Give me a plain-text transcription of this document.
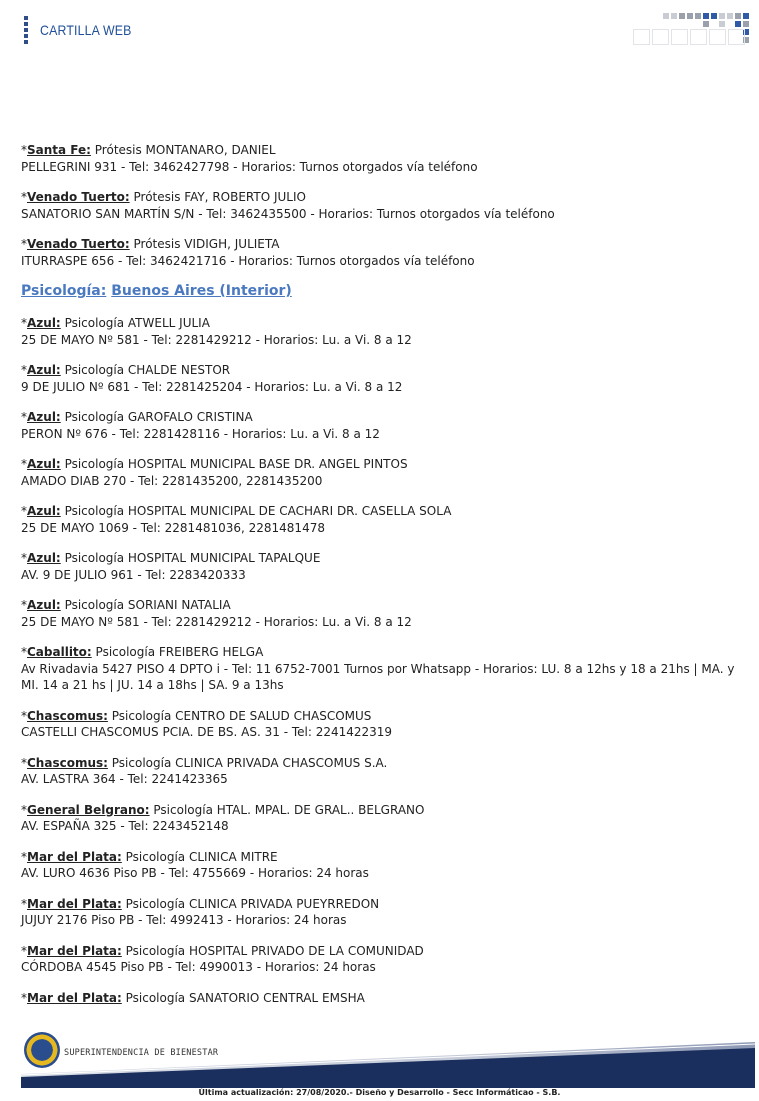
CARTILLA WEB
*Santa Fe: Prótesis MONTANARO, DANIEL
PELLEGRINI 931 - Tel: 3462427798 - Horarios: Turnos otorgados vía teléfono
*Venado Tuerto: Prótesis FAY, ROBERTO JULIO
SANATORIO SAN MARTÍN S/N - Tel: 3462435500 - Horarios: Turnos otorgados vía teléfono
*Venado Tuerto: Prótesis VIDIGH, JULIETA
ITURRASPE 656 - Tel: 3462421716 - Horarios: Turnos otorgados vía teléfono
Psicología: Buenos Aires (Interior)
*Azul: Psicología ATWELL JULIA
25 DE MAYO Nº 581 - Tel: 2281429212 - Horarios: Lu. a Vi. 8 a 12
*Azul: Psicología CHALDE NESTOR
9 DE JULIO Nº 681 - Tel: 2281425204 - Horarios: Lu. a Vi. 8 a 12
*Azul: Psicología GAROFALO CRISTINA
PERON Nº 676 - Tel: 2281428116 - Horarios: Lu. a Vi. 8 a 12
*Azul: Psicología HOSPITAL MUNICIPAL BASE DR. ANGEL PINTOS
AMADO DIAB 270 - Tel: 2281435200, 2281435200
*Azul: Psicología HOSPITAL MUNICIPAL DE CACHARI DR. CASELLA SOLA
25 DE MAYO 1069 - Tel: 2281481036, 2281481478
*Azul: Psicología HOSPITAL MUNICIPAL TAPALQUE
AV. 9 DE JULIO 961 - Tel: 2283420333
*Azul: Psicología SORIANI NATALIA
25 DE MAYO Nº 581 - Tel: 2281429212 - Horarios: Lu. a Vi. 8 a 12
*Caballito: Psicología FREIBERG HELGA
Av Rivadavia 5427 PISO 4 DPTO i - Tel: 11 6752-7001 Turnos por Whatsapp - Horarios: LU. 8 a 12hs y 18 a 21hs | MA. y MI. 14 a 21 hs | JU. 14 a 18hs | SA. 9 a 13hs
*Chascomus: Psicología CENTRO DE SALUD CHASCOMUS
CASTELLI CHASCOMUS PCIA. DE BS. AS. 31 - Tel: 2241422319
*Chascomus: Psicología CLINICA PRIVADA CHASCOMUS S.A.
AV. LASTRA 364 - Tel: 2241423365
*General Belgrano: Psicología HTAL. MPAL. DE GRAL.. BELGRANO
AV. ESPAÑA 325 - Tel: 2243452148
*Mar del Plata: Psicología CLINICA MITRE
AV. LURO 4636 Piso PB - Tel: 4755669 - Horarios: 24 horas
*Mar del Plata: Psicología CLINICA PRIVADA PUEYRREDON
JUJUY 2176 Piso PB - Tel: 4992413 - Horarios: 24 horas
*Mar del Plata: Psicología HOSPITAL PRIVADO DE LA COMUNIDAD
CÓRDOBA 4545 Piso PB - Tel: 4990013 - Horarios: 24 horas
*Mar del Plata: Psicología SANATORIO CENTRAL EMSHA
SUPERINTENDENCIA DE BIENESTAR
Última actualización: 27/08/2020.- Diseño y Desarrollo - Secc Informáticao - S.B.
